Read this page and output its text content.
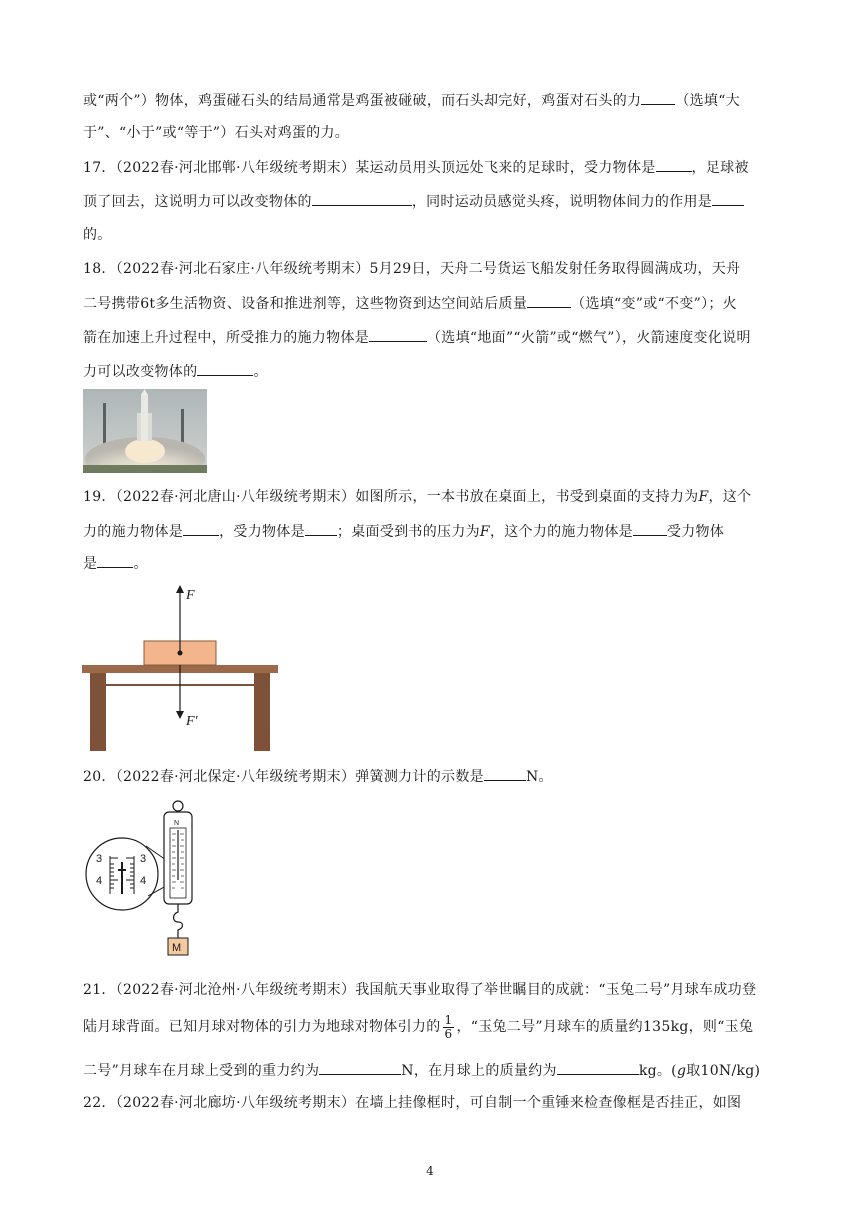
或“两个”）物体，鸡蛋碰石头的结局通常是鸡蛋被碰破，而石头却完好，鸡蛋对石头的力 （选填“大
于”、“小于”或“等于”）石头对鸡蛋的力。
17．（2022春·河北邯郸·八年级统考期末）某运动员用头顶远处飞来的足球时，受力物体是	，足球被
顶了回去，这说明力可以改变物体的	，同时运动员感觉头疼，说明物体间力的作用是
的。
18．（2022春·河北石家庄·八年级统考期末）5月29日，天舟二号货运飞船发射任务取得圆满成功，天舟
二号携带6t多生活物资、设备和推进剂等，这些物资到达空间站后质量	（选填“变”或“不变”）；火
箭在加速上升过程中，所受推力的施力物体是	（选填“地面”“火箭”或“燃气”），火箭速度变化说明
力可以改变物体的	。
19．（2022春·河北唐山·八年级统考期末）如图所示，一本书放在桌面上，书受到桌面的支持力为F，这个
力的施力物体是	，受力物体是 ；桌面受到书的压力为F，这个力的施力物体是 受力物体
是	。
F
F′
20．（2022春·河北保定·八年级统考期末）弹簧测力计的示数是	N。
3
4
3
4
N
M
21．（2022春·河北沧州·八年级统考期末）我国航天事业取得了举世瞩目的成就：“玉兔二号”月球车成功登
陆月球背面。已知月球对物体的引力为地球对物体引力的 $\frac{1}{6}$ ，“玉兔二号”月球车的质量约135kg，则“玉兔
二号”月球车在月球上受到的重力约为	N，在月球上的质量约为	kg。(g取10N/kg)
22．（2022春·河北廊坊·八年级统考期末）在墙上挂像框时，可自制一个重锤来检查像框是否挂正，如图
4
